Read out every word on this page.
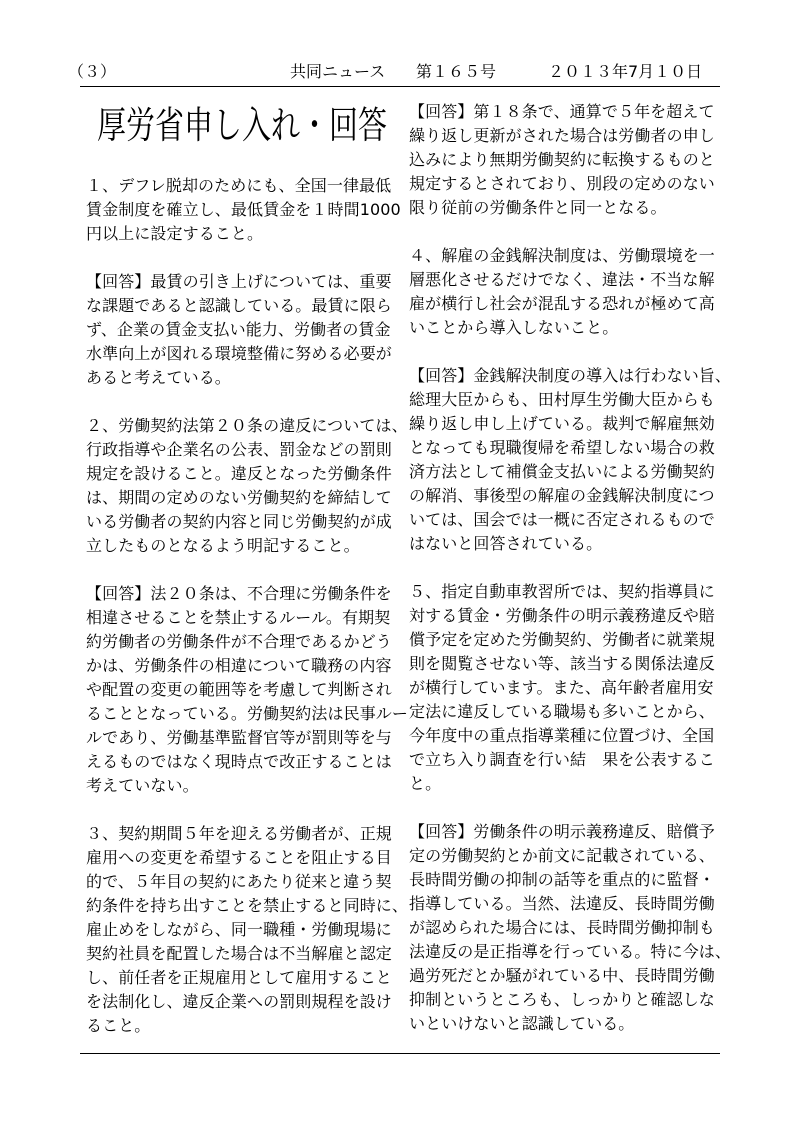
（３）	共同ニュース 第１６５号	２０１３年7月１０日
厚労省申し入れ・回答

１、デフレ脱却のためにも、全国一律最低
賃金制度を確立し、最低賃金を１時間1000
円以上に設定すること。

【回答】最賃の引き上げについては、重要
な課題であると認識している。最賃に限ら
ず、企業の賃金支払い能力、労働者の賃金
水準向上が図れる環境整備に努める必要が
あると考えている。

２、労働契約法第２０条の違反については、
行政指導や企業名の公表、罰金などの罰則
規定を設けること。違反となった労働条件
は、期間の定めのない労働契約を締結して
いる労働者の契約内容と同じ労働契約が成
立したものとなるよう明記すること。

【回答】法２０条は、不合理に労働条件を
相違させることを禁止するルール。有期契
約労働者の労働条件が不合理であるかどう
かは、労働条件の相違について職務の内容
や配置の変更の範囲等を考慮して判断され
ることとなっている。労働契約法は民事ルー
ルであり、労働基準監督官等が罰則等を与
えるものではなく現時点で改正することは
考えていない。

３、契約期間５年を迎える労働者が、正規
雇用への変更を希望することを阻止する目
的で、５年目の契約にあたり従来と違う契
約条件を持ち出すことを禁止すると同時に、
雇止めをしながら、同一職種・労働現場に
契約社員を配置した場合は不当解雇と認定
し、前任者を正規雇用として雇用すること
を法制化し、違反企業への罰則規程を設け
ること。

【回答】第１８条で、通算で５年を超えて
繰り返し更新がされた場合は労働者の申し
込みにより無期労働契約に転換するものと
規定するとされており、別段の定めのない
限り従前の労働条件と同一となる。

４、解雇の金銭解決制度は、労働環境を一
層悪化させるだけでなく、違法・不当な解
雇が横行し社会が混乱する恐れが極めて高
いことから導入しないこと。

【回答】金銭解決制度の導入は行わない旨、
総理大臣からも、田村厚生労働大臣からも
繰り返し申し上げている。裁判で解雇無効
となっても現職復帰を希望しない場合の救
済方法として補償金支払いによる労働契約
の解消、事後型の解雇の金銭解決制度につ
いては、国会では一概に否定されるもので
はないと回答されている。

５、指定自動車教習所では、契約指導員に
対する賃金・労働条件の明示義務違反や賠
償予定を定めた労働契約、労働者に就業規
則を閲覧させない等、該当する関係法違反
が横行しています。また、高年齢者雇用安
定法に違反している職場も多いことから、
今年度中の重点指導業種に位置づけ、全国
で立ち入り調査を行い結　果を公表するこ
と。

【回答】労働条件の明示義務違反、賠償予
定の労働契約とか前文に記載されている、
長時間労働の抑制の話等を重点的に監督・
指導している。当然、法違反、長時間労働
が認められた場合には、長時間労働抑制も
法違反の是正指導を行っている。特に今は、
過労死だとか騒がれている中、長時間労働
抑制というところも、しっかりと確認しな
いといけないと認識している。
